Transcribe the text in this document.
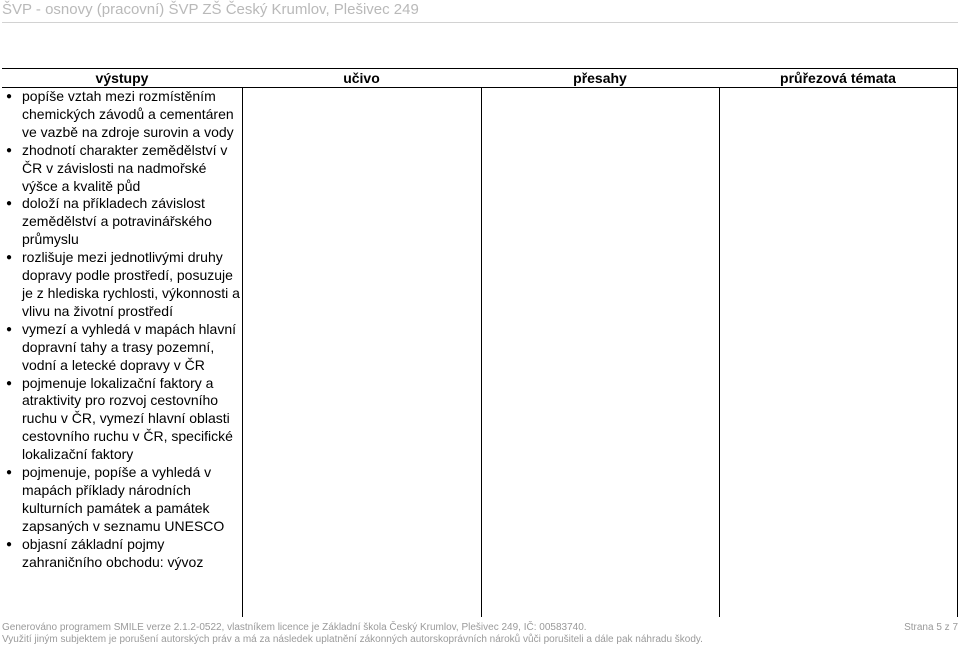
ŠVP - osnovy (pracovní) ŠVP ZŠ Český Krumlov, Plešivec 249
výstupy	učivo	přesahy	průřezová témata
● popíše vztah mezi rozmístěním chemických závodů a cementáren ve vazbě na zdroje surovin a vody
● zhodnotí charakter zemědělství v ČR v závislosti na nadmořské výšce a kvalitě půd
● doloží na příkladech závislost zemědělství a potravinářského průmyslu
● rozlišuje mezi jednotlivými druhy dopravy podle prostředí, posuzuje je z hlediska rychlosti, výkonnosti a vlivu na životní prostředí
● vymezí a vyhledá v mapách hlavní dopravní tahy a trasy pozemní, vodní a letecké dopravy v ČR
● pojmenuje lokalizační faktory a atraktivity pro rozvoj cestovního ruchu v ČR, vymezí hlavní oblasti cestovního ruchu v ČR, specifické lokalizační faktory
● pojmenuje, popíše a vyhledá v mapách příklady národních kulturních památek a památek zapsaných v seznamu UNESCO
● objasní základní pojmy zahraničního obchodu: vývoz
Generováno programem SMILE verze 2.1.2-0522, vlastníkem licence je Základní škola Český Krumlov, Plešivec 249, IČ: 00583740.	Strana 5 z 7
Využití jiným subjektem je porušení autorských práv a má za následek uplatnění zákonných autorskoprávních nároků vůči porušiteli a dále pak náhradu škody.
